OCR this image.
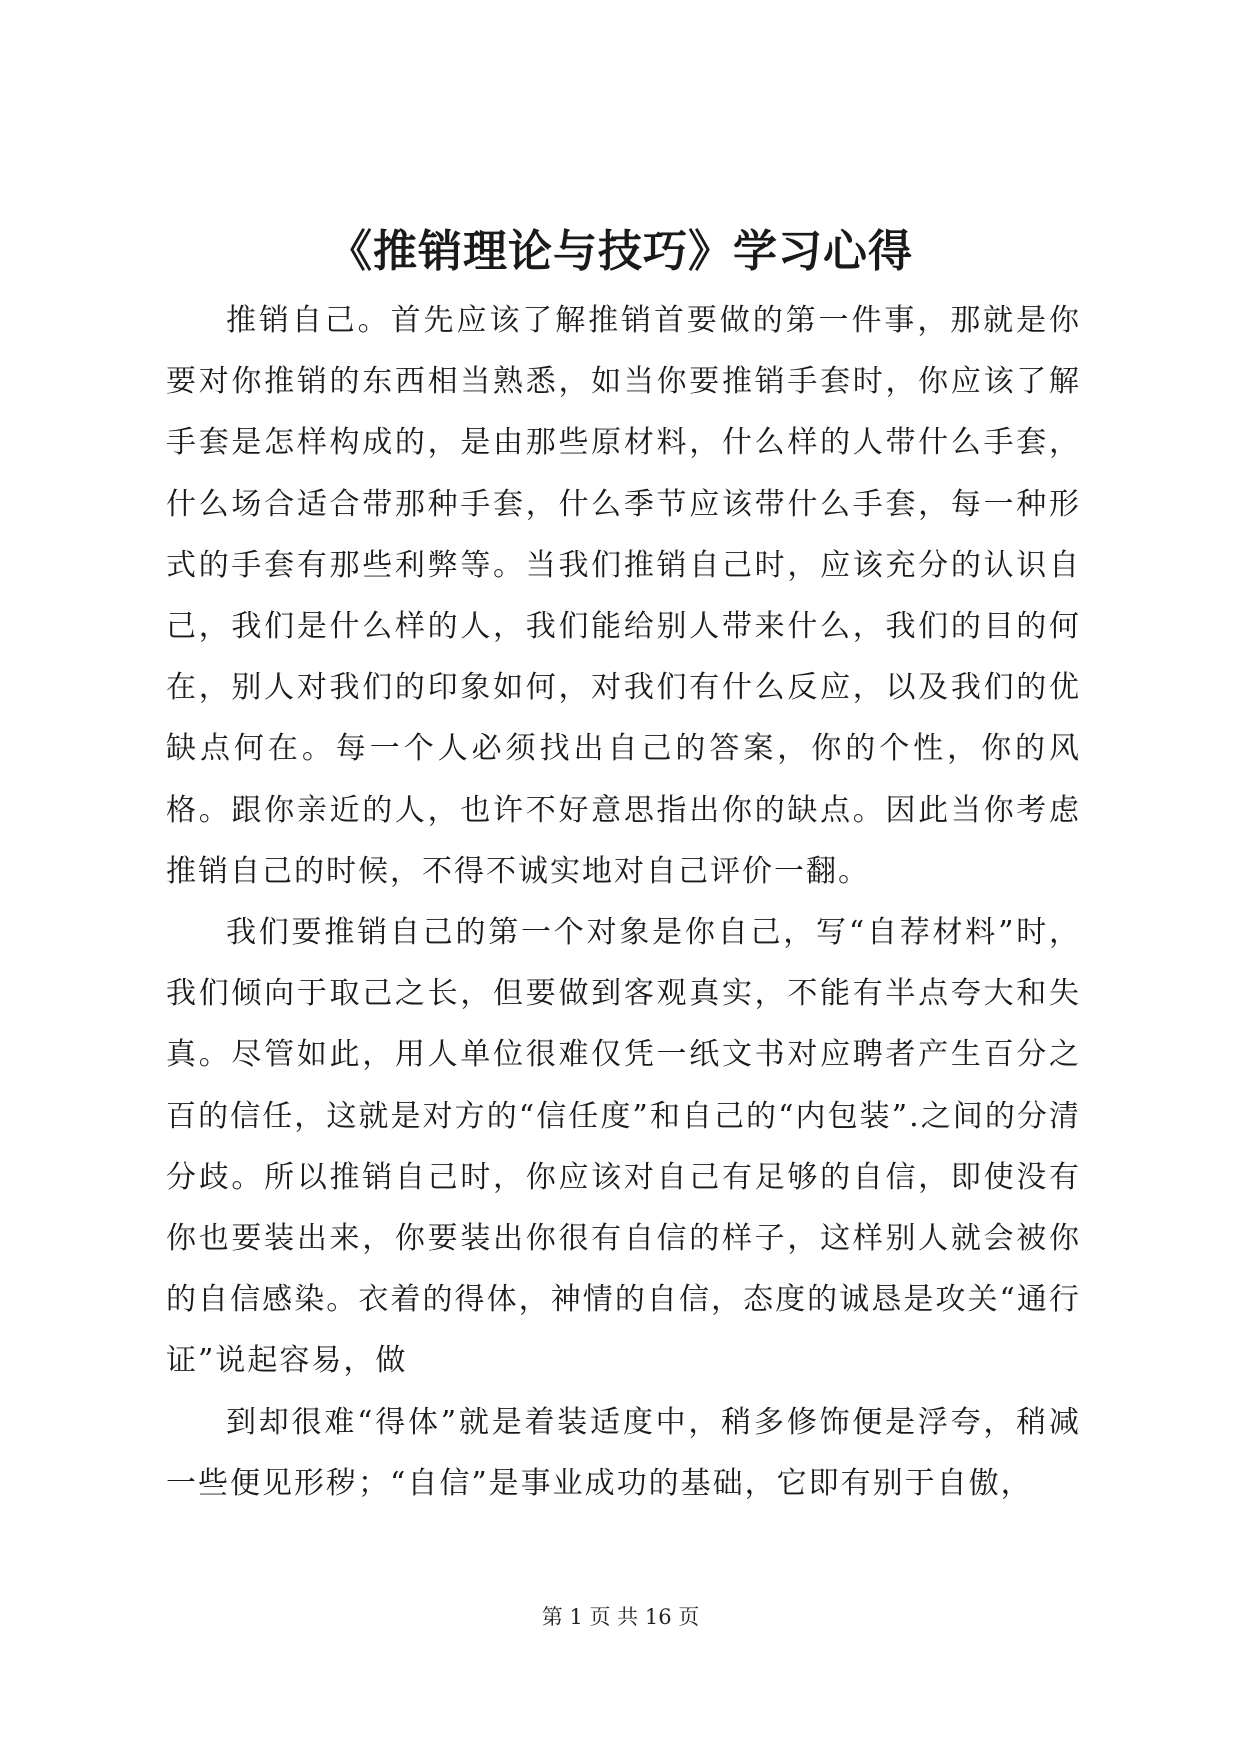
《推销理论与技巧》学习心得

推销自己。首先应该了解推销首要做的第一件事，那就是你要对你推销的东西相当熟悉，如当你要推销手套时，你应该了解手套是怎样构成的，是由那些原材料，什么样的人带什么手套，什么场合适合带那种手套，什么季节应该带什么手套，每一种形式的手套有那些利弊等。当我们推销自己时，应该充分的认识自己，我们是什么样的人，我们能给别人带来什么，我们的目的何在，别人对我们的印象如何，对我们有什么反应，以及我们的优缺点何在。每一个人必须找出自己的答案，你的个性，你的风格。跟你亲近的人，也许不好意思指出你的缺点。因此当你考虑推销自己的时候，不得不诚实地对自己评价一翻。

我们要推销自己的第一个对象是你自己，写“自荐材料”时，我们倾向于取己之长，但要做到客观真实，不能有半点夸大和失真。尽管如此，用人单位很难仅凭一纸文书对应聘者产生百分之百的信任，这就是对方的“信任度”和自己的“内包装”.之间的分清分歧。所以推销自己时，你应该对自己有足够的自信，即使没有你也要装出来，你要装出你很有自信的样子，这样别人就会被你的自信感染。衣着的得体，神情的自信，态度的诚恳是攻关“通行证”说起容易，做

到却很难“得体”就是着装适度中，稍多修饰便是浮夸，稍减一些便见形秽；“自信”是事业成功的基础，它即有别于自傲，

第 1 页 共 16 页
